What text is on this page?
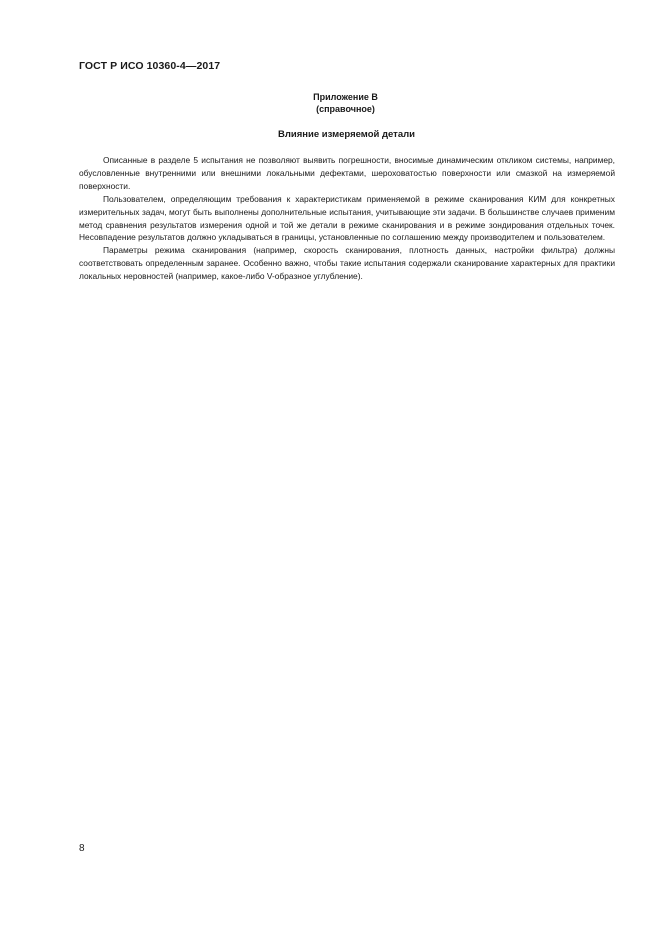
ГОСТ Р ИСО 10360-4—2017
Приложение В
(справочное)
Влияние измеряемой детали

Описанные в разделе 5 испытания не позволяют выявить погрешности, вносимые динамическим откликом системы, например, обусловленные внутренними или внешними локальными дефектами, шероховатостью поверхности или смазкой на измеряемой поверхности.

Пользователем, определяющим требования к характеристикам применяемой в режиме сканирования КИМ для конкретных измерительных задач, могут быть выполнены дополнительные испытания, учитывающие эти задачи. В большинстве случаев применим метод сравнения результатов измерения одной и той же детали в режиме сканирования и в режиме зондирования отдельных точек. Несовпадение результатов должно укладываться в границы, установленные по соглашению между производителем и пользователем.

Параметры режима сканирования (например, скорость сканирования, плотность данных, настройки фильтра) должны соответствовать определенным заранее. Особенно важно, чтобы такие испытания содержали сканирование характерных для практики локальных неровностей (например, какое-либо V-образное углубление).

8
